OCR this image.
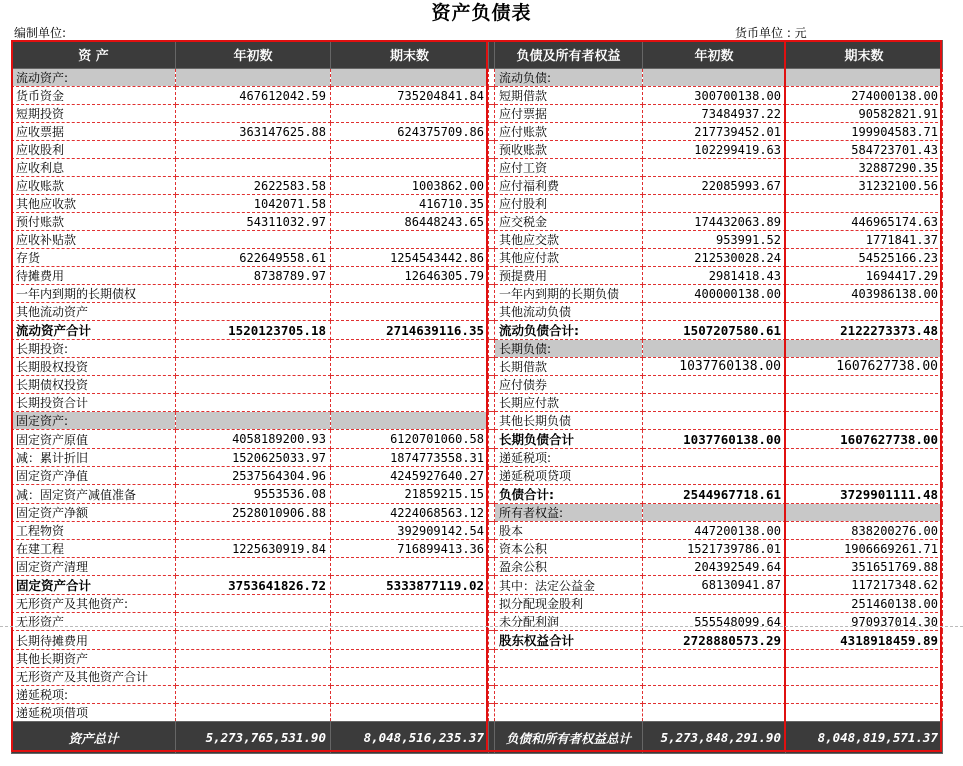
资产负债表
编制单位:	货币单位 : 元
资 产	年初数	期末数		负债及所有者权益	年初数	期末数
流动资产:				流动负债:		
货币资金	467612042.59	735204841.84		短期借款	300700138.00	274000138.00
短期投资				应付票据	73484937.22	90582821.91
应收票据	363147625.88	624375709.86		应付账款	217739452.01	199904583.71
应收股利				预收账款	102299419.63	584723701.43
应收利息				应付工资		32887290.35
应收账款	2622583.58	1003862.00		应付福利费	22085993.67	31232100.56
其他应收款	1042071.58	416710.35		应付股利		
预付账款	54311032.97	86448243.65		应交税金	174432063.89	446965174.63
应收补贴款				其他应交款	953991.52	1771841.37
存货	622649558.61	1254543442.86		其他应付款	212530028.24	54525166.23
待摊费用	8738789.97	12646305.79		预提费用	2981418.43	1694417.29
一年内到期的长期债权				一年内到期的长期负债	400000138.00	403986138.00
其他流动资产				其他流动负债		
流动资产合计	1520123705.18	2714639116.35		流动负债合计:	1507207580.61	2122273373.48
长期投资:				长期负债:		
长期股权投资				长期借款	1037760138.00	1607627738.00
长期债权投资				应付债券		
长期投资合计				长期应付款		
固定资产:				其他长期负债		
固定资产原值	4058189200.93	6120701060.58		长期负债合计	1037760138.00	1607627738.00
减：累计折旧	1520625033.97	1874773558.31		递延税项:		
固定资产净值	2537564304.96	4245927640.27		递延税项贷项		
减：固定资产减值准备	9553536.08	21859215.15		负债合计:	2544967718.61	3729901111.48
固定资产净额	2528010906.88	4224068563.12		所有者权益:		
工程物资		392909142.54		股本	447200138.00	838200276.00
在建工程	1225630919.84	716899413.36		资本公积	1521739786.01	1906669261.71
固定资产清理				盈余公积	204392549.64	351651769.88
固定资产合计	3753641826.72	5333877119.02		其中：法定公益金	68130941.87	117217348.62
无形资产及其他资产:				拟分配现金股利		251460138.00
无形资产				未分配利润	555548099.64	970937014.30
长期待摊费用				股东权益合计	2728880573.29	4318918459.89
其他长期资产						
无形资产及其他资产合计						
递延税项:						
递延税项借项						
资产总计	5,273,765,531.90	8,048,516,235.37		负债和所有者权益总计	5,273,848,291.90	8,048,819,571.37
